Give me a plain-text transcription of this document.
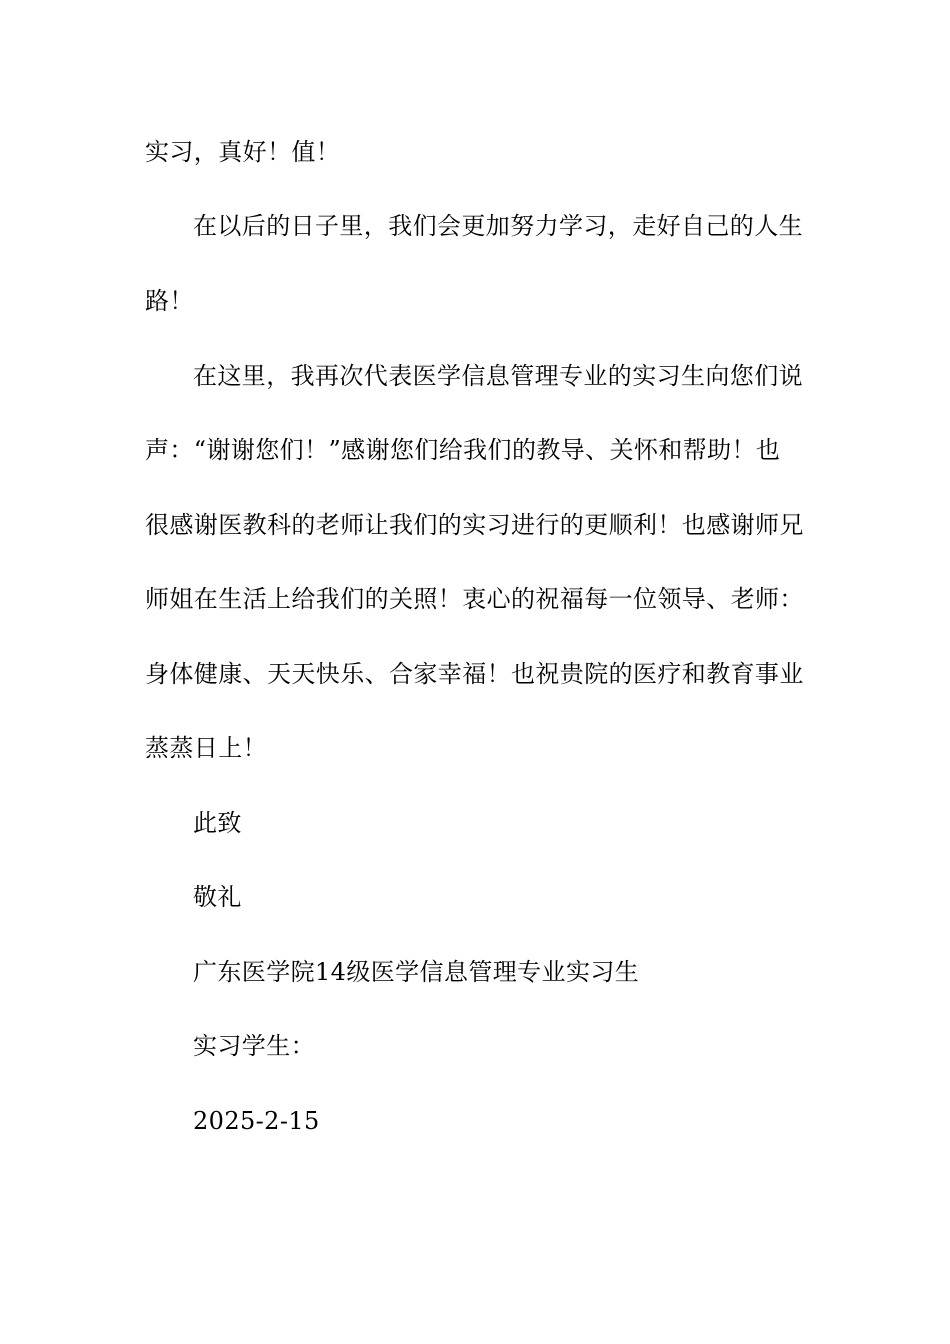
实习，真好！值！
在以后的日子里，我们会更加努力学习，走好自己的人生
路！
在这里，我再次代表医学信息管理专业的实习生向您们说
声：“谢谢您们！”感谢您们给我们的教导、关怀和帮助！也
很感谢医教科的老师让我们的实习进行的更顺利！也感谢师兄
师姐在生活上给我们的关照！衷心的祝福每一位领导、老师：
身体健康、天天快乐、合家幸福！也祝贵院的医疗和教育事业
蒸蒸日上！
此致
敬礼
广东医学院14级医学信息管理专业实习生
实习学生：
2025-2-15
